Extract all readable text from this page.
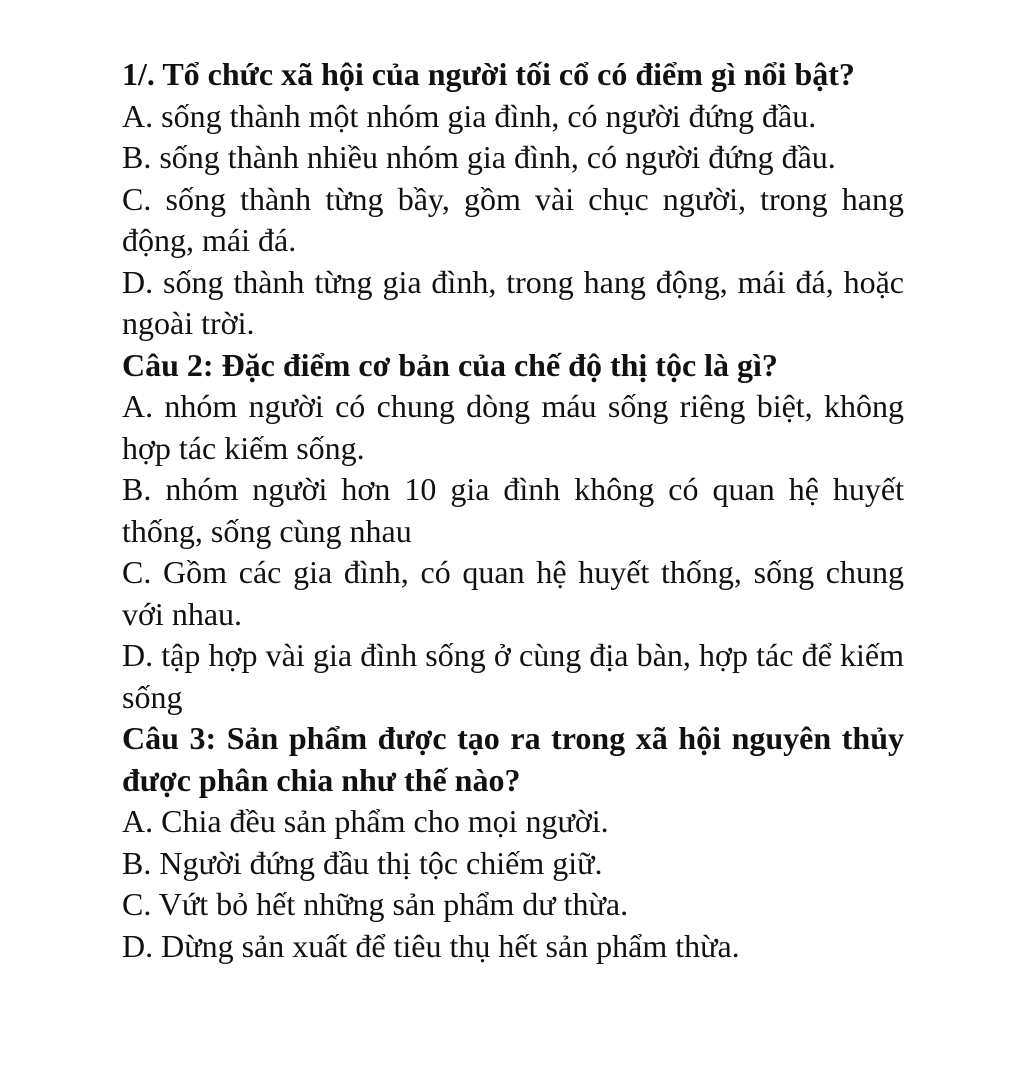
1/. Tổ chức xã hội của người tối cổ có điểm gì nổi bật?
A. sống thành một nhóm gia đình, có người đứng đầu.
B. sống thành nhiều nhóm gia đình, có người đứng đầu.
C. sống thành từng bầy, gồm vài chục người, trong hang động, mái đá.
D. sống thành từng gia đình, trong hang động, mái đá, hoặc ngoài trời.
Câu 2: Đặc điểm cơ bản của chế độ thị tộc là gì?
A. nhóm người có chung dòng máu sống riêng biệt, không hợp tác kiếm sống.
B. nhóm người hơn 10 gia đình không có quan hệ huyết thống, sống cùng nhau
C. Gồm các gia đình, có quan hệ huyết thống, sống chung với nhau.
D. tập hợp vài gia đình sống ở cùng địa bàn, hợp tác để kiếm sống
Câu 3: Sản phẩm được tạo ra trong xã hội nguyên thủy được phân chia như thế nào?
A. Chia đều sản phẩm cho mọi người.
B. Người đứng đầu thị tộc chiếm giữ.
C. Vứt bỏ hết những sản phẩm dư thừa.
D. Dừng sản xuất để tiêu thụ hết sản phẩm thừa.
